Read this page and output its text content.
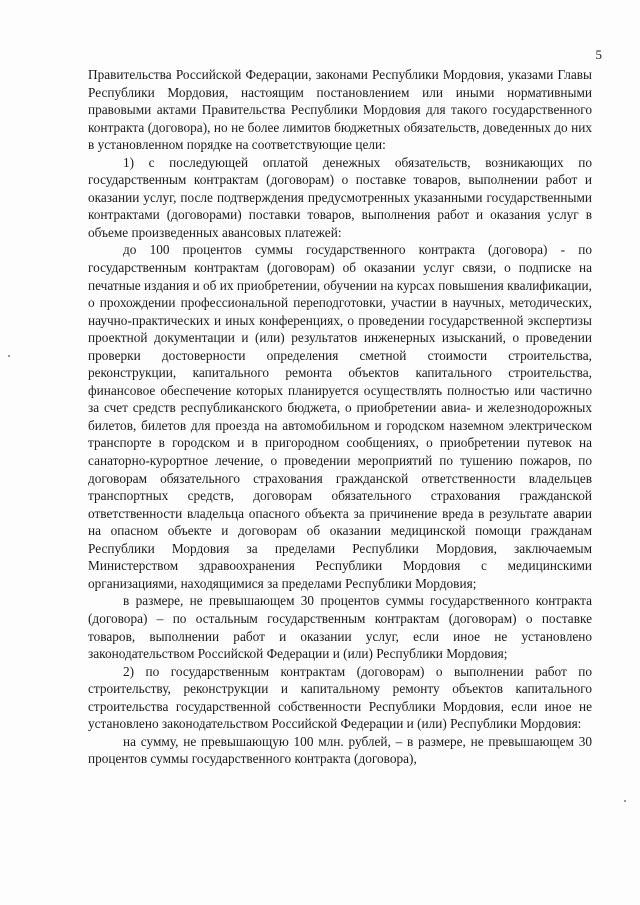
5

Правительства Российской Федерации, законами Республики Мордовия, указами Главы Республики Мордовия, настоящим постановлением или иными нормативными правовыми актами Правительства Республики Мордовия для такого государственного контракта (договора), но не более лимитов бюджетных обязательств, доведенных до них в установленном порядке на соответствующие цели:

1) с последующей оплатой денежных обязательств, возникающих по государственным контрактам (договорам) о поставке товаров, выполнении работ и оказании услуг, после подтверждения предусмотренных указанными государственными контрактами (договорами) поставки товаров, выполнения работ и оказания услуг в объеме произведенных авансовых платежей:

до 100 процентов суммы государственного контракта (договора) - по государственным контрактам (договорам) об оказании услуг связи, о подписке на печатные издания и об их приобретении, обучении на курсах повышения квалификации, о прохождении профессиональной переподготовки, участии в научных, методических, научно-практических и иных конференциях, о проведении государственной экспертизы проектной документации и (или) результатов инженерных изысканий, о проведении проверки достоверности определения сметной стоимости строительства, реконструкции, капитального ремонта объектов капитального строительства, финансовое обеспечение которых планируется осуществлять полностью или частично за счет средств республиканского бюджета, о приобретении авиа- и железнодорожных билетов, билетов для проезда на автомобильном и городском наземном электрическом транспорте в городском и в пригородном сообщениях, о приобретении путевок на санаторно-курортное лечение, о проведении мероприятий по тушению пожаров, по договорам обязательного страхования гражданской ответственности владельцев транспортных средств, договорам обязательного страхования гражданской ответственности владельца опасного объекта за причинение вреда в результате аварии на опасном объекте и договорам об оказании медицинской помощи гражданам Республики Мордовия за пределами Республики Мордовия, заключаемым Министерством здравоохранения Республики Мордовия с медицинскими организациями, находящимися за пределами Республики Мордовия;

в размере, не превышающем 30 процентов суммы государственного контракта (договора) – по остальным государственным контрактам (договорам) о поставке товаров, выполнении работ и оказании услуг, если иное не установлено законодательством Российской Федерации и (или) Республики Мордовия;

2) по государственным контрактам (договорам) о выполнении работ по строительству, реконструкции и капитальному ремонту объектов капитального строительства государственной собственности Республики Мордовия, если иное не установлено законодательством Российской Федерации и (или) Республики Мордовия:

на сумму, не превышающую 100 млн. рублей, – в размере, не превышающем 30 процентов суммы государственного контракта (договора),
